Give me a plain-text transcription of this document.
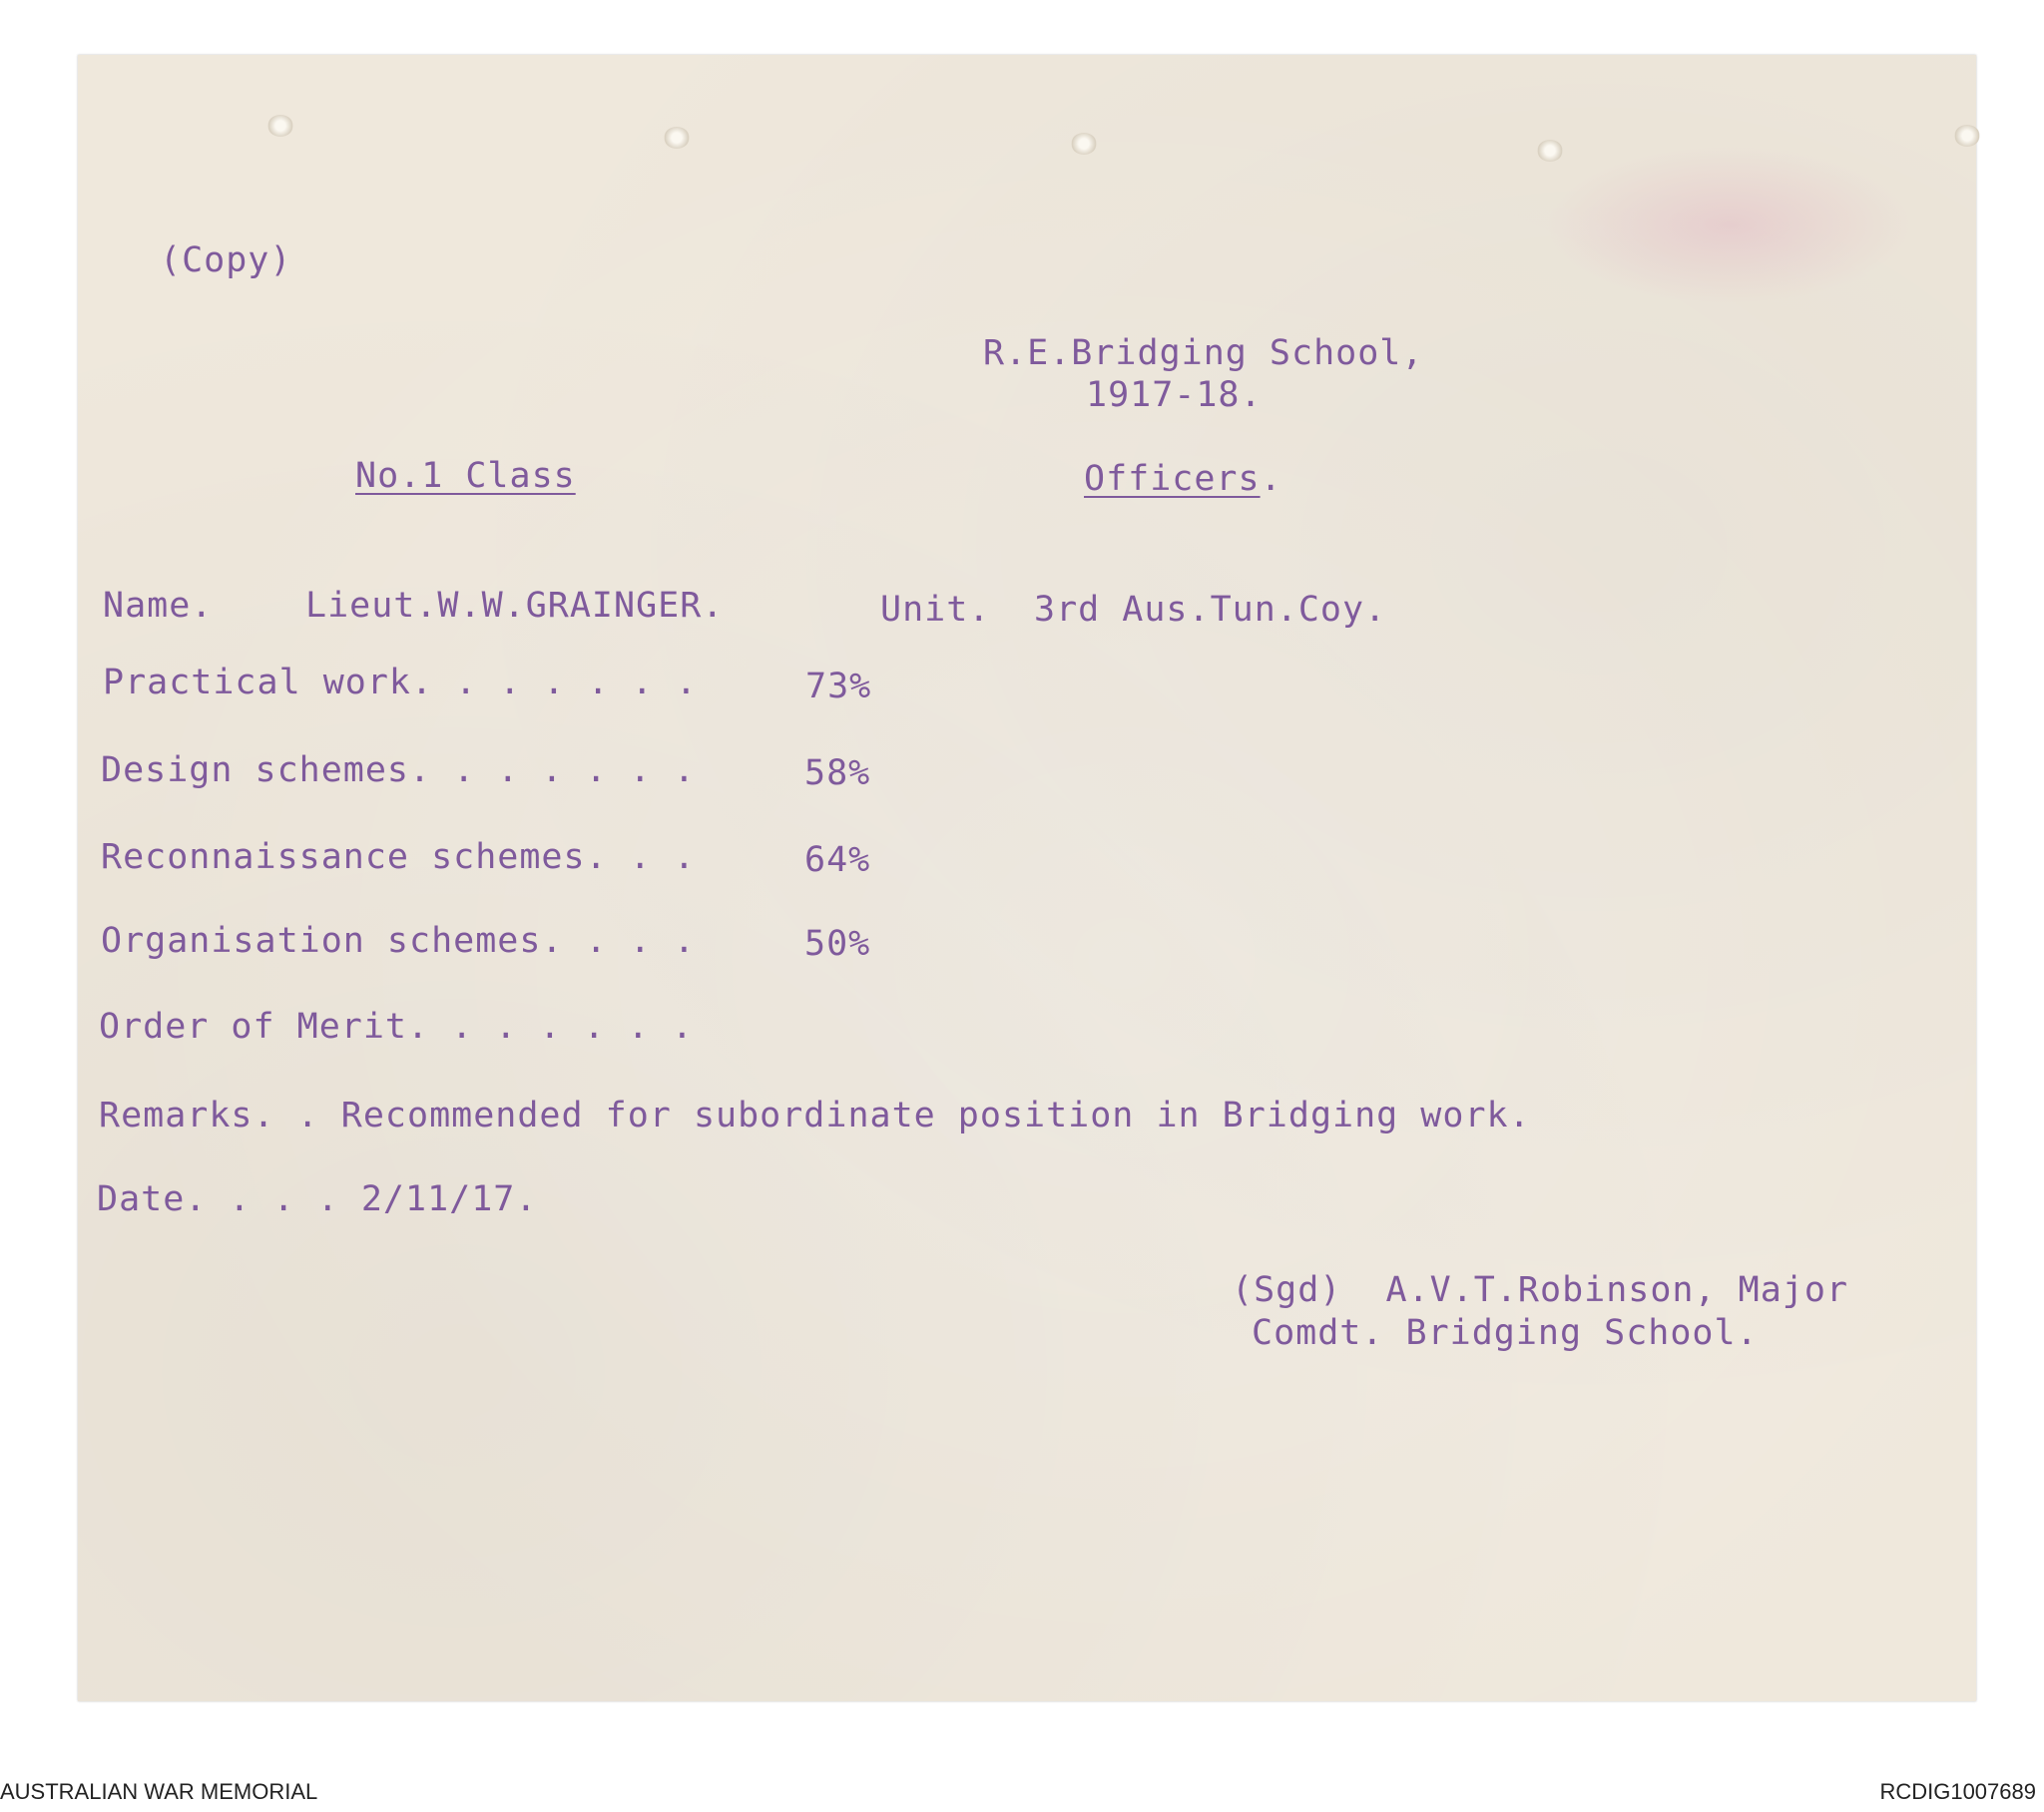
(Copy)
R.E.Bridging School,
1917-18.
No.1 Class	Officers.
Name.	Lieut.W.W.GRAINGER.	Unit. 3rd Aus.Tun.Coy.
Practical work. . . . . . .	73%
Design schemes. . . . . . .	58%
Reconnaissance schemes. . .	64%
Organisation schemes. . . .	50%
Order of Merit. . . . . . .
Remarks. . Recommended for subordinate position in Bridging work.
Date. . . . 2/11/17.
(Sgd)  A.V.T.Robinson, Major
Comdt. Bridging School.
AUSTRALIAN WAR MEMORIAL	RCDIG1007689
